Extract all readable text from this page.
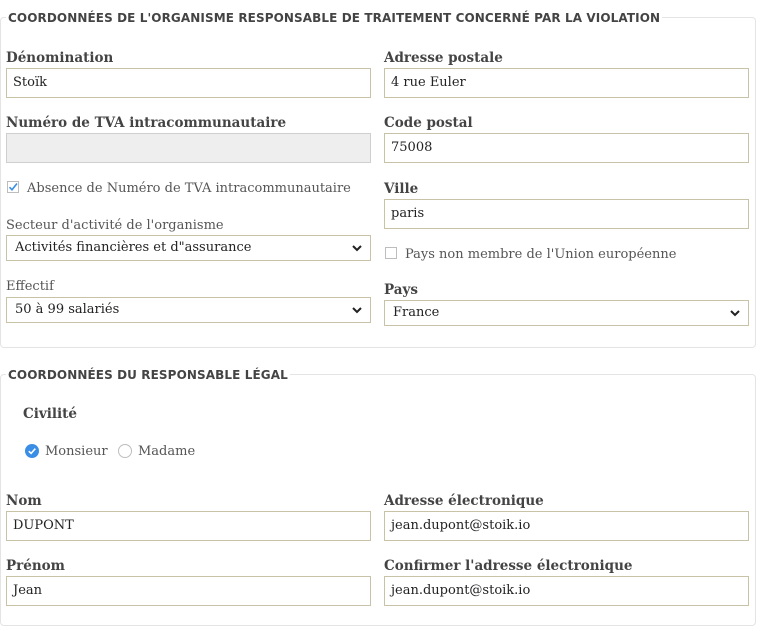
COORDONNÉES DE L'ORGANISME RESPONSABLE DE TRAITEMENT CONCERNÉ PAR LA VIOLATION
Dénomination
Stoïk
Adresse postale
4 rue Euler
Numéro de TVA intracommunautaire	Code postal
75008
Absence de Numéro de TVA intracommunautaire Ville
paris
Secteur d'activité de l'organisme
Activités financières et d"assurance	Pays non membre de l'Union européenne
Effectif
50 à 99 salariés
Pays
France
COORDONNÉES DU RESPONSABLE LÉGAL
Civilité
Monsieur Madame
Nom
DUPONT
Adresse électronique
jean.dupont@stoik.io
Prénom
Jean
Confirmer l'adresse électronique
jean.dupont@stoik.io
